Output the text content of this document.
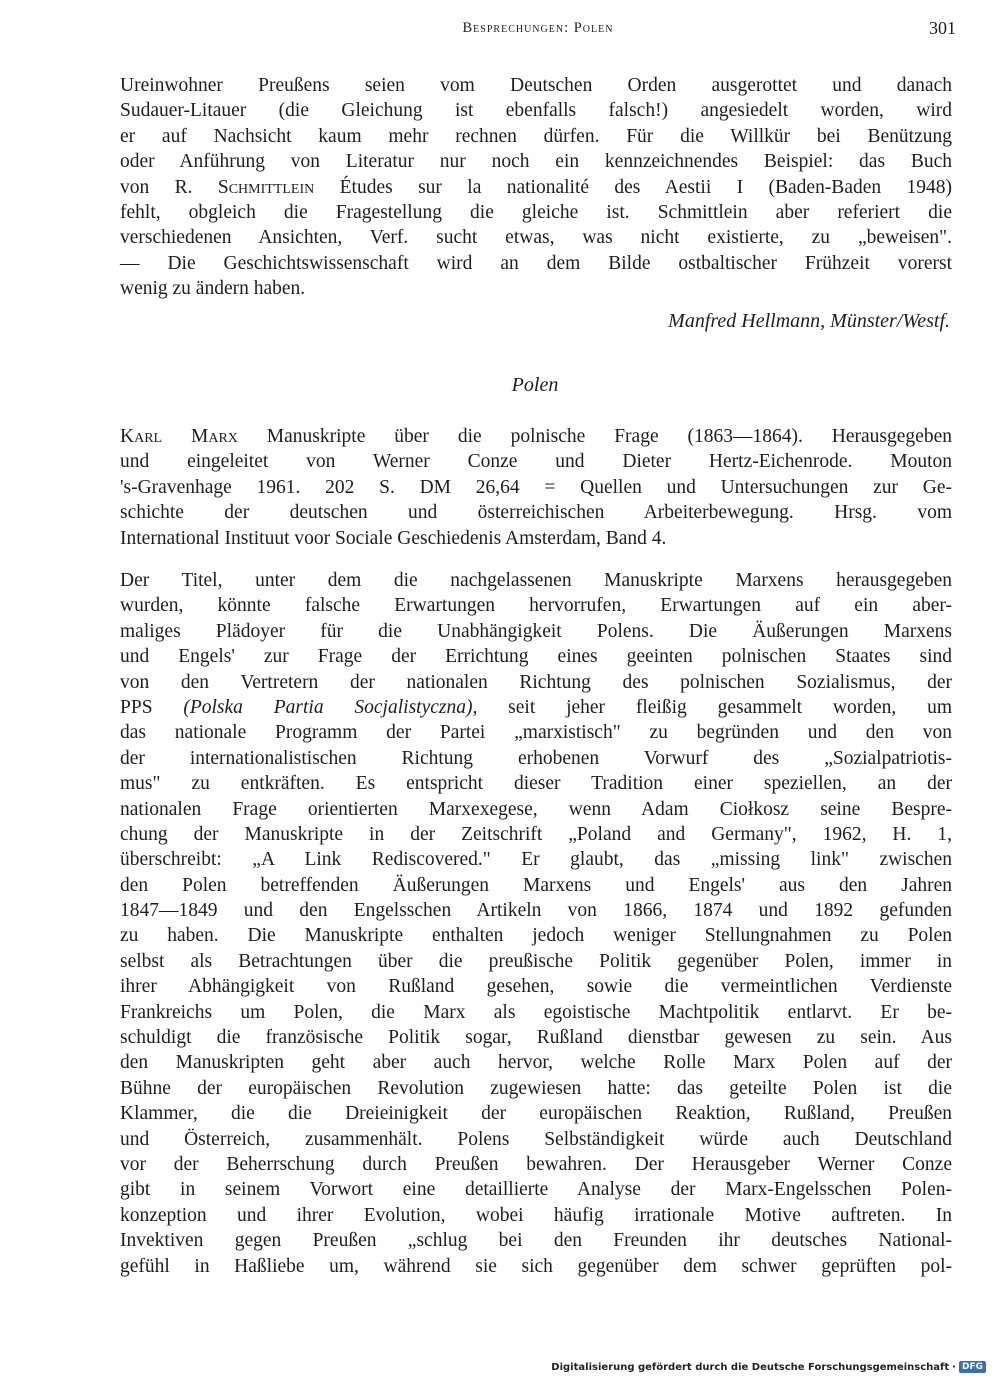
Besprechungen: Polen	301
Ureinwohner Preußens seien vom Deutschen Orden ausgerottet und danach
Sudauer-Litauer (die Gleichung ist ebenfalls falsch!) angesiedelt worden, wird
er auf Nachsicht kaum mehr rechnen dürfen. Für die Willkür bei Benützung
oder Anführung von Literatur nur noch ein kennzeichnendes Beispiel: das Buch
von R. Schmittlein Études sur la nationalité des Aestii I (Baden-Baden 1948)
fehlt, obgleich die Fragestellung die gleiche ist. Schmittlein aber referiert die
verschiedenen Ansichten, Verf. sucht etwas, was nicht existierte, zu „beweisen".
— Die Geschichtswissenschaft wird an dem Bilde ostbaltischer Frühzeit vorerst
wenig zu ändern haben.
Manfred Hellmann, Münster/Westf.
Polen
Karl Marx Manuskripte über die polnische Frage (1863—1864). Herausgegeben
und eingeleitet von Werner Conze und Dieter Hertz-Eichenrode. Mouton
's-Gravenhage 1961. 202 S. DM 26,64 = Quellen und Untersuchungen zur Ge-
schichte der deutschen und österreichischen Arbeiterbewegung. Hrsg. vom
International Instituut voor Sociale Geschiedenis Amsterdam, Band 4.
Der Titel, unter dem die nachgelassenen Manuskripte Marxens herausgegeben
wurden, könnte falsche Erwartungen hervorrufen, Erwartungen auf ein aber-
maliges Plädoyer für die Unabhängigkeit Polens. Die Äußerungen Marxens
und Engels' zur Frage der Errichtung eines geeinten polnischen Staates sind
von den Vertretern der nationalen Richtung des polnischen Sozialismus, der
PPS (Polska Partia Socjalistyczna), seit jeher fleißig gesammelt worden, um
das nationale Programm der Partei „marxistisch" zu begründen und den von
der internationalistischen Richtung erhobenen Vorwurf des „Sozialpatriotis-
mus" zu entkräften. Es entspricht dieser Tradition einer speziellen, an der
nationalen Frage orientierten Marxexegese, wenn Adam Ciołkosz seine Bespre-
chung der Manuskripte in der Zeitschrift „Poland and Germany", 1962, H. 1,
überschreibt: „A Link Rediscovered." Er glaubt, das „missing link" zwischen
den Polen betreffenden Äußerungen Marxens und Engels' aus den Jahren
1847—1849 und den Engelsschen Artikeln von 1866, 1874 und 1892 gefunden
zu haben. Die Manuskripte enthalten jedoch weniger Stellungnahmen zu Polen
selbst als Betrachtungen über die preußische Politik gegenüber Polen, immer in
ihrer Abhängigkeit von Rußland gesehen, sowie die vermeintlichen Verdienste
Frankreichs um Polen, die Marx als egoistische Machtpolitik entlarvt. Er be-
schuldigt die französische Politik sogar, Rußland dienstbar gewesen zu sein. Aus
den Manuskripten geht aber auch hervor, welche Rolle Marx Polen auf der
Bühne der europäischen Revolution zugewiesen hatte: das geteilte Polen ist die
Klammer, die die Dreieinigkeit der europäischen Reaktion, Rußland, Preußen
und Österreich, zusammenhält. Polens Selbständigkeit würde auch Deutschland
vor der Beherrschung durch Preußen bewahren. Der Herausgeber Werner Conze
gibt in seinem Vorwort eine detaillierte Analyse der Marx-Engelsschen Polen-
konzeption und ihrer Evolution, wobei häufig irrationale Motive auftreten. In
Invektiven gegen Preußen „schlug bei den Freunden ihr deutsches National-
gefühl in Haßliebe um, während sie sich gegenüber dem schwer geprüften pol-
Digitalisierung gefördert durch die Deutsche Forschungsgemeinschaft · DFG
